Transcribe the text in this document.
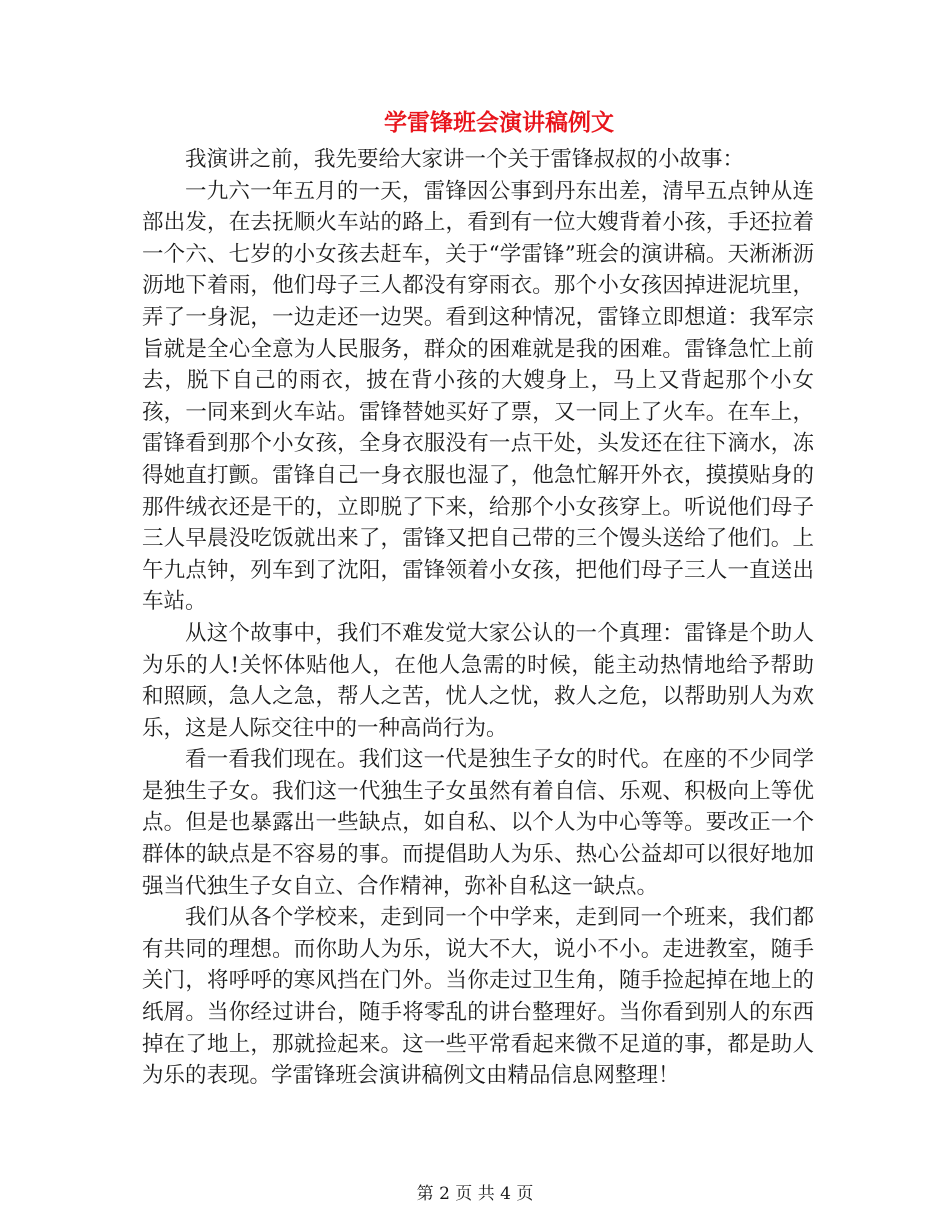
学雷锋班会演讲稿例文

我演讲之前，我先要给大家讲一个关于雷锋叔叔的小故事：

一九六一年五月的一天，雷锋因公事到丹东出差，清早五点钟从连部出发，在去抚顺火车站的路上，看到有一位大嫂背着小孩，手还拉着一个六、七岁的小女孩去赶车，关于“学雷锋”班会的演讲稿。天淅淅沥沥地下着雨，他们母子三人都没有穿雨衣。那个小女孩因掉进泥坑里，弄了一身泥，一边走还一边哭。看到这种情况，雷锋立即想道：我军宗旨就是全心全意为人民服务，群众的困难就是我的困难。雷锋急忙上前去，脱下自己的雨衣，披在背小孩的大嫂身上，马上又背起那个小女孩，一同来到火车站。雷锋替她买好了票，又一同上了火车。在车上，雷锋看到那个小女孩，全身衣服没有一点干处，头发还在往下滴水，冻得她直打颤。雷锋自己一身衣服也湿了，他急忙解开外衣，摸摸贴身的那件绒衣还是干的，立即脱了下来，给那个小女孩穿上。听说他们母子三人早晨没吃饭就出来了，雷锋又把自己带的三个馒头送给了他们。上午九点钟，列车到了沈阳，雷锋领着小女孩，把他们母子三人一直送出车站。

从这个故事中，我们不难发觉大家公认的一个真理：雷锋是个助人为乐的人!关怀体贴他人，在他人急需的时候，能主动热情地给予帮助和照顾，急人之急，帮人之苦，忧人之忧，救人之危，以帮助别人为欢乐，这是人际交往中的一种高尚行为。

看一看我们现在。我们这一代是独生子女的时代。在座的不少同学是独生子女。我们这一代独生子女虽然有着自信、乐观、积极向上等优点。但是也暴露出一些缺点，如自私、以个人为中心等等。要改正一个群体的缺点是不容易的事。而提倡助人为乐、热心公益却可以很好地加强当代独生子女自立、合作精神，弥补自私这一缺点。

我们从各个学校来，走到同一个中学来，走到同一个班来，我们都有共同的理想。而你助人为乐，说大不大，说小不小。走进教室，随手关门，将呼呼的寒风挡在门外。当你走过卫生角，随手捡起掉在地上的纸屑。当你经过讲台，随手将零乱的讲台整理好。当你看到别人的东西掉在了地上，那就捡起来。这一些平常看起来微不足道的事，都是助人为乐的表现。学雷锋班会演讲稿例文由精品信息网整理！

第 2 页 共 4 页
